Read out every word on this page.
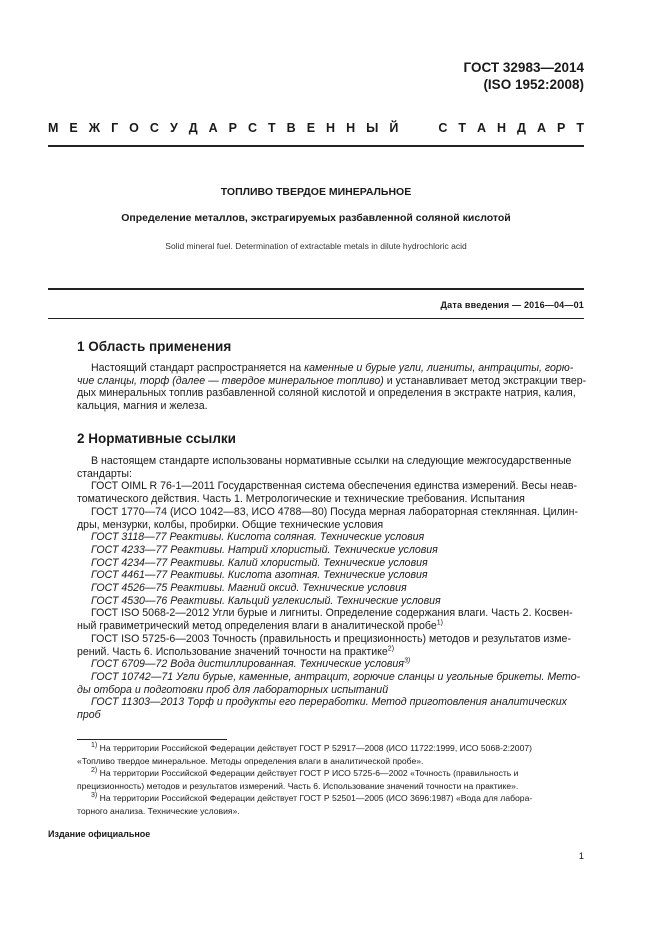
ГОСТ 32983—2014
(ISO 1952:2008)
М Е Ж Г О С У Д А Р С Т В Е Н Н Ы Й

	С Т А Н Д А Р Т
ТОПЛИВО ТВЕРДОЕ МИНЕРАЛЬНОЕ
Определение металлов, экстрагируемых разбавленной соляной кислотой
Solid mineral fuel. Determination of extractable metals in dilute hydrochloric acid
Дата введения — 2016—04—01
1 Область применения
Настоящий стандарт распространяется на каменные и бурые угли, лигниты, антрациты, горю-
чие сланцы, торф (далее — твердое минеральное топливо) и устанавливает метод экстракции твер-
дых минеральных топлив разбавленной соляной кислотой и определения в экстракте натрия, калия,
кальция, магния и железа.
2 Нормативные ссылки
В настоящем стандарте использованы нормативные ссылки на следующие межгосударственные
стандарты:
ГОСТ OIML R 76-1—2011 Государственная система обеспечения единства измерений. Весы неав-
томатического действия. Часть 1. Метрологические и технические требования. Испытания
ГОСТ 1770—74 (ИСО 1042—83, ИСО 4788—80) Посуда мерная лабораторная стеклянная. Цилин-
дры, мензурки, колбы, пробирки. Общие технические условия
ГОСТ 3118—77 Реактивы. Кислота соляная. Технические условия
ГОСТ 4233—77 Реактивы. Натрий хлористый. Технические условия
ГОСТ 4234—77 Реактивы. Калий хлористый. Технические условия
ГОСТ 4461—77 Реактивы. Кислота азотная. Технические условия
ГОСТ 4526—75 Реактивы. Магний оксид. Технические условия
ГОСТ 4530—76 Реактивы. Кальций углекислый. Технические условия
ГОСТ ISO 5068-2—2012 Угли бурые и лигниты. Определение содержания влаги. Часть 2. Косвен-
ный гравиметрический метод определения влаги в аналитической пробе$^{1)}$
ГОСТ ISO 5725-6—2003 Точность (правильность и прецизионность) методов и результатов изме-
рений. Часть 6. Использование значений точности на практике$^{2)}$
ГОСТ 6709—72 Вода дистиллированная. Технические условия$^{3)}$
ГОСТ 10742—71 Угли бурые, каменные, антрацит, горючие сланцы и угольные брикеты. Мето-
ды отбора и подготовки проб для лабораторных испытаний
ГОСТ 11303—2013 Торф и продукты его переработки. Метод приготовления аналитических
проб
$^{1)}$ На территории Российской Федерации действует ГОСТ Р 52917—2008 (ИСО 11722:1999, ИСО 5068-2:2007)
«Топливо твердое минеральное. Методы определения влаги в аналитической пробе».
$^{2)}$ На территории Российской Федерации действует ГОСТ Р ИСО 5725-6—2002 «Точность (правильность и
прецизионность) методов и результатов измерений. Часть 6. Использование значений точности на практике».
$^{3)}$ На территории Российской Федерации действует ГОСТ Р 52501—2005 (ИСО 3696:1987) «Вода для лабора-
торного анализа. Технические условия».
Издание официальное
1
